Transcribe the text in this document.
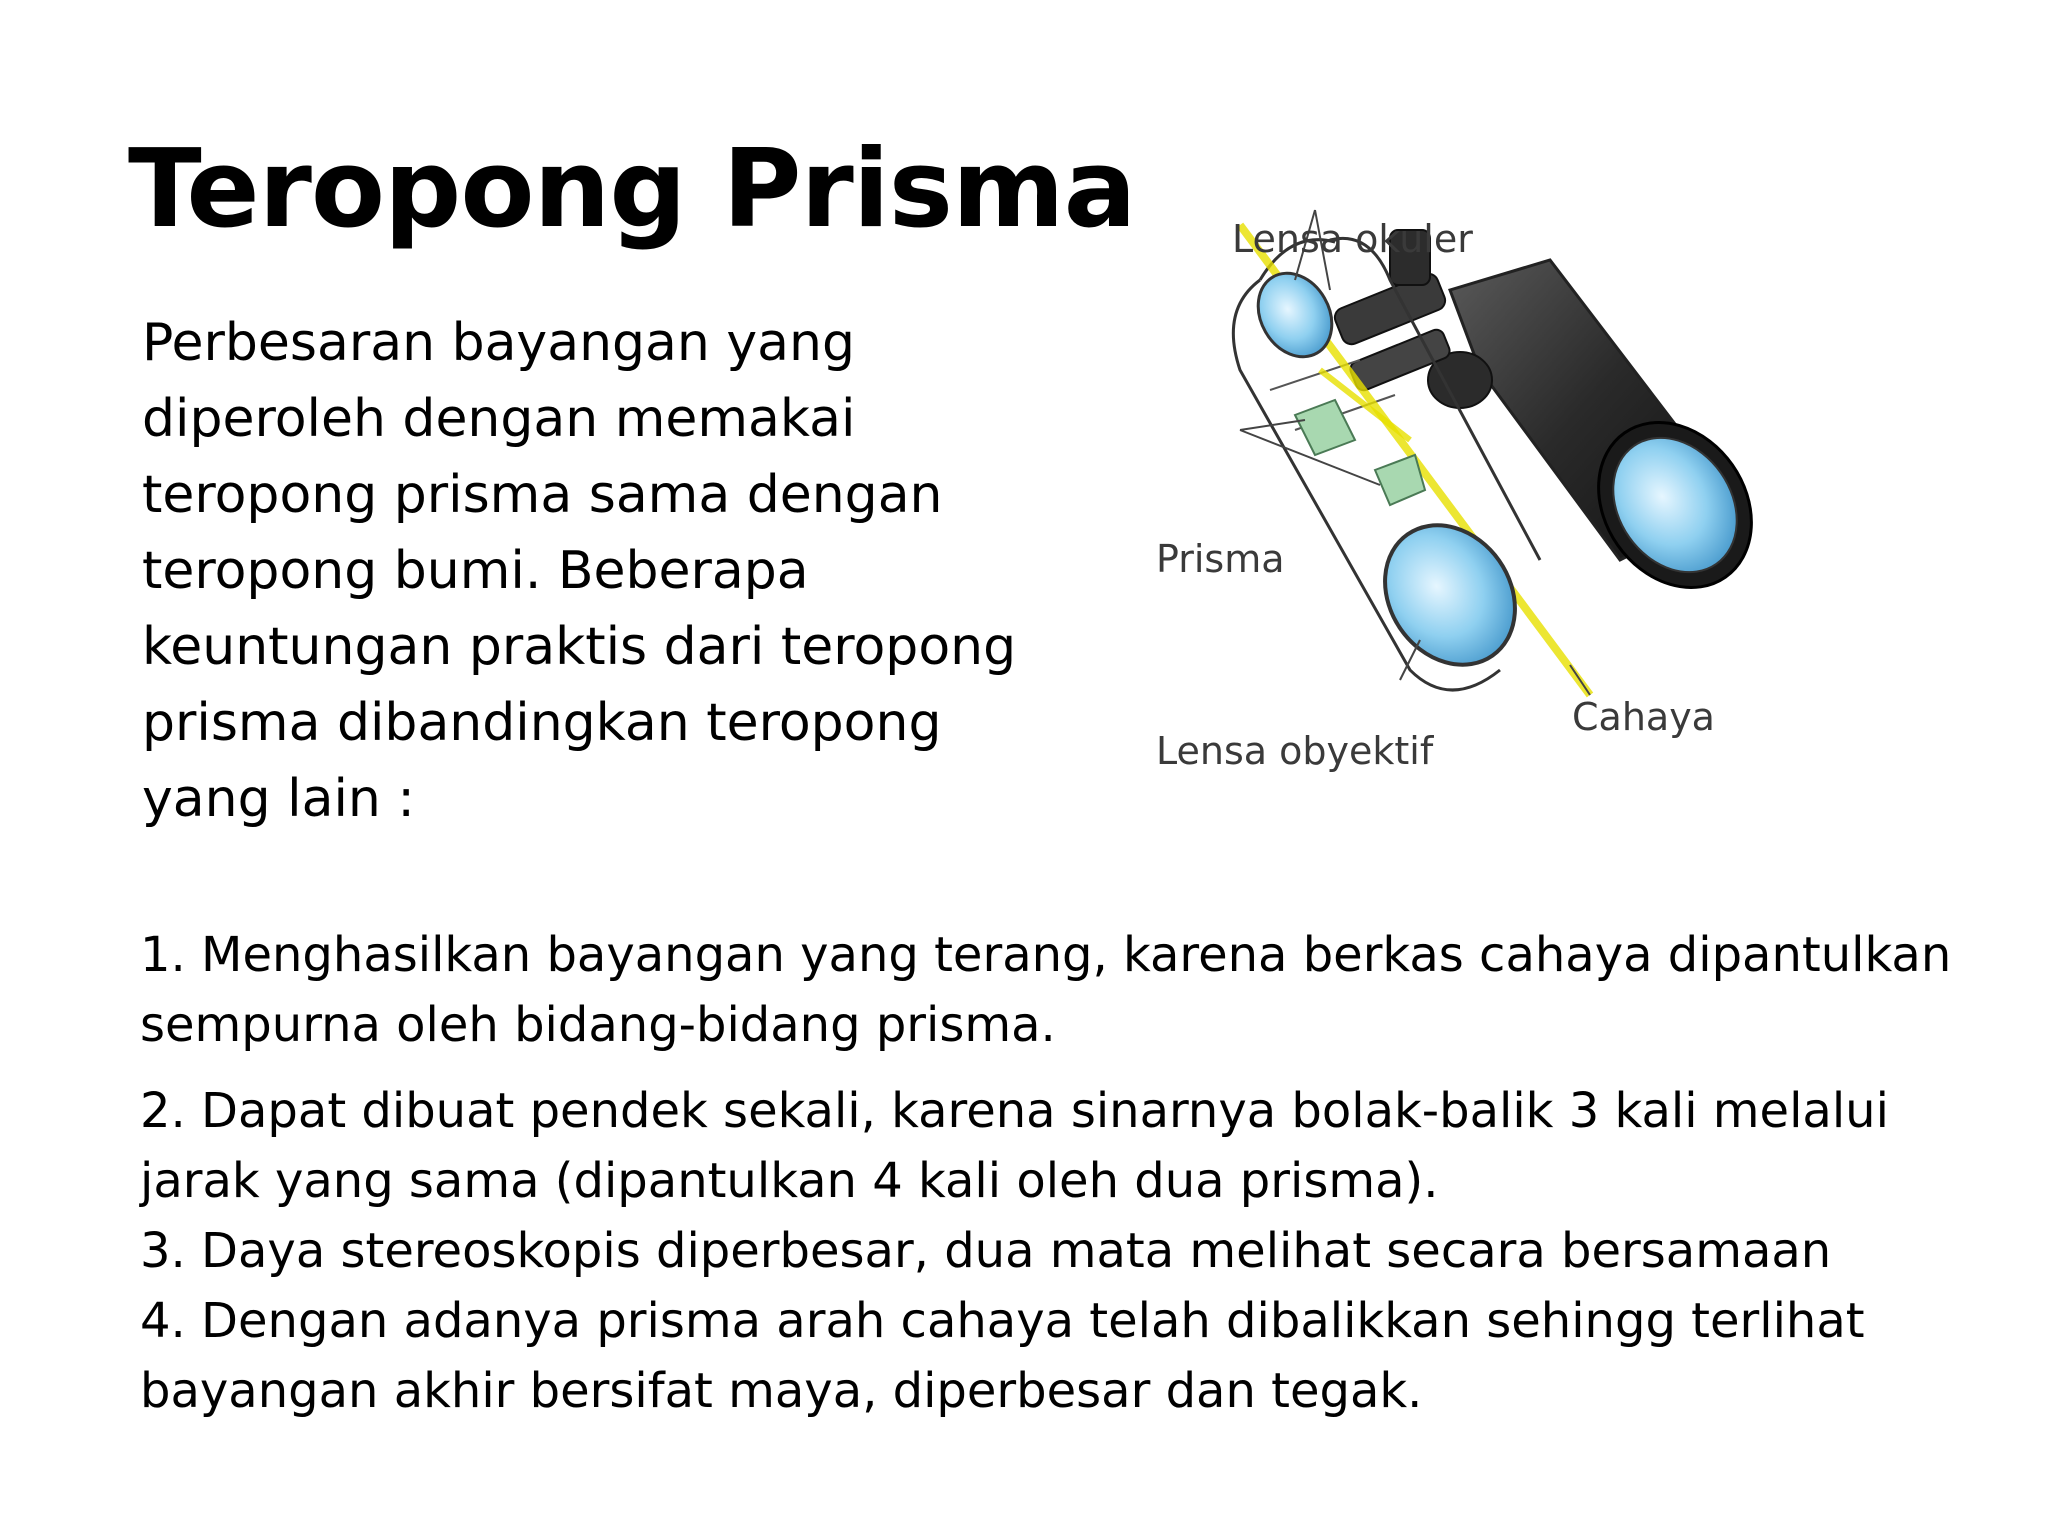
Teropong Prisma

Perbesaran bayangan yang diperoleh dengan memakai teropong prisma sama dengan teropong bumi. Beberapa keuntungan praktis dari teropong prisma dibandingkan teropong yang lain :

1. Menghasilkan bayangan yang terang, karena berkas cahaya dipantulkan sempurna oleh bidang-bidang prisma.
2. Dapat dibuat pendek sekali, karena sinarnya bolak-balik 3 kali melalui jarak yang sama (dipantulkan 4 kali oleh dua prisma).
3. Daya stereoskopis diperbesar, dua mata melihat secara bersamaan
4. Dengan adanya prisma arah cahaya telah dibalikkan sehingg terlihat bayangan akhir bersifat maya, diperbesar dan tegak.
Lensa okuler
Prisma
Lensa obyektif
Cahaya
